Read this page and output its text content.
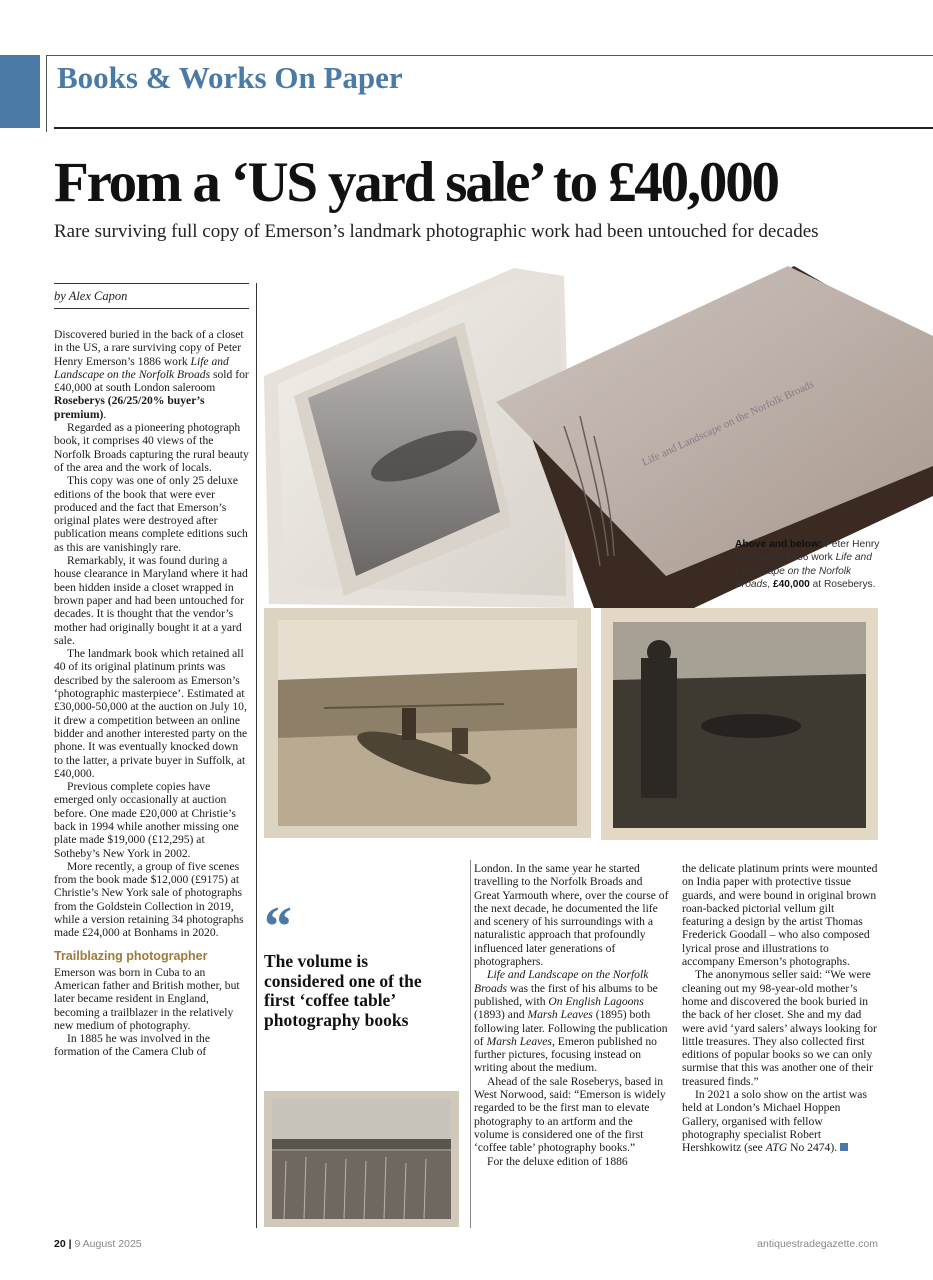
Books & Works On Paper
From a ‘US yard sale’ to £40,000
Rare surviving full copy of Emerson’s landmark photographic work had been untouched for decades
by Alex Capon

Discovered buried in the back of a closet in the US, a rare surviving copy of Peter Henry Emerson’s 1886 work Life and Landscape on the Norfolk Broads sold for £40,000 at south London saleroom Roseberys (26/25/20% buyer’s premium).

Regarded as a pioneering photograph book, it comprises 40 views of the Norfolk Broads capturing the rural beauty of the area and the work of locals.

This copy was one of only 25 deluxe editions of the book that were ever produced and the fact that Emerson’s original plates were destroyed after publication means complete editions such as this are vanishingly rare.

Remarkably, it was found during a house clearance in Maryland where it had been hidden inside a closet wrapped in brown paper and had been untouched for decades. It is thought that the vendor’s mother had originally bought it at a yard sale.

The landmark book which retained all 40 of its original platinum prints was described by the saleroom as Emerson’s ‘photographic masterpiece’. Estimated at £30,000-50,000 at the auction on July 10, it drew a competition between an online bidder and another interested party on the phone. It was eventually knocked down to the latter, a private buyer in Suffolk, at £40,000.

Previous complete copies have emerged only occasionally at auction before. One made £20,000 at Christie’s back in 1994 while another missing one plate made $19,000 (£12,295) at Sotheby’s New York in 2002.

More recently, a group of five scenes from the book made $12,000 (£9175) at Christie’s New York sale of photographs from the Goldstein Collection in 2019, while a version retaining 34 photographs made £24,000 at Bonhams in 2020.

Trailblazing photographer

Emerson was born in Cuba to an American father and British mother, but later became resident in England, becoming a trailblazer in the relatively new medium of photography.

In 1885 he was involved in the formation of the Camera Club of

Life and Landscape on the Norfolk Broads
Above and below: Peter Henry Emerson’s 1886 work Life and Landscape on the Norfolk Broads, £40,000 at Roseberys.
“
The volume is considered one of the first ‘coffee table’ photography books

London. In the same year he started travelling to the Norfolk Broads and Great Yarmouth where, over the course of the next decade, he documented the life and scenery of his surroundings with a naturalistic approach that profoundly influenced later generations of photographers.

Life and Landscape on the Norfolk Broads was the first of his albums to be published, with On English Lagoons (1893) and Marsh Leaves (1895) both following later. Following the publication of Marsh Leaves, Emeron published no further pictures, focusing instead on writing about the medium.

Ahead of the sale Roseberys, based in West Norwood, said: “Emerson is widely regarded to be the first man to elevate photography to an artform and the volume is considered one of the first ‘coffee table’ photography books.”

For the deluxe edition of 1886

the delicate platinum prints were mounted on India paper with protective tissue guards, and were bound in original brown roan-backed pictorial vellum gilt featuring a design by the artist Thomas Frederick Goodall – who also composed lyrical prose and illustrations to accompany Emerson’s photographs.

The anonymous seller said: “We were cleaning out my 98-year-old mother’s home and discovered the book buried in the back of her closet. She and my dad were avid ‘yard salers’ always looking for little treasures. They also collected first editions of popular books so we can only surmise that this was another one of their treasured finds.”

In 2021 a solo show on the artist was held at London’s Michael Hoppen Gallery, organised with fellow photography specialist Robert Hershkowitz (see ATG No 2474).

20 | 9 August 2025	antiquestradegazette.com
